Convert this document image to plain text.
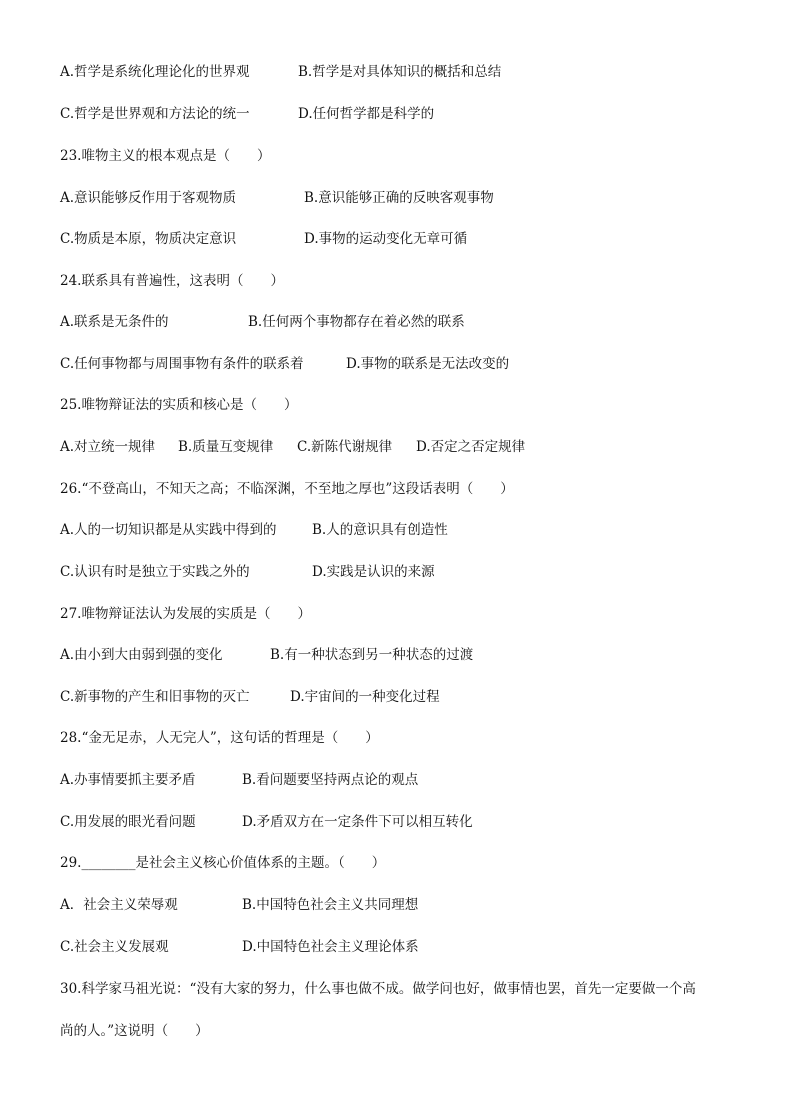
A.哲学是系统化理论化的世界观	B.哲学是对具体知识的概括和总结
C.哲学是世界观和方法论的统一	D.任何哲学都是科学的
23.唯物主义的根本观点是（　　）
A.意识能够反作用于客观物质	B.意识能够正确的反映客观事物
C.物质是本原，物质决定意识	D.事物的运动变化无章可循
24.联系具有普遍性，这表明（　　）
A.联系是无条件的	B.任何两个事物都存在着必然的联系
C.任何事物都与周围事物有条件的联系着	D.事物的联系是无法改变的
25.唯物辩证法的实质和核心是（　　）
A.对立统一规律 B.质量互变规律 C.新陈代谢规律 D.否定之否定规律
26.“不登高山，不知天之高；不临深渊，不至地之厚也”这段话表明（　　）
A.人的一切知识都是从实践中得到的	B.人的意识具有创造性
C.认识有时是独立于实践之外的	D.实践是认识的来源
27.唯物辩证法认为发展的实质是（　　）
A.由小到大由弱到强的变化	B.有一种状态到另一种状态的过渡
C.新事物的产生和旧事物的灭亡	D.宇宙间的一种变化过程
28.“金无足赤，人无完人”，这句话的哲理是（　　）
A.办事情要抓主要矛盾	B.看问题要坚持两点论的观点
C.用发展的眼光看问题	D.矛盾双方在一定条件下可以相互转化
29.________是社会主义核心价值体系的主题。（　　）
A．社会主义荣辱观	B.中国特色社会主义共同理想
C.社会主义发展观	D.中国特色社会主义理论体系
30.科学家马祖光说：“没有大家的努力，什么事也做不成。做学问也好，做事情也罢，首先一定要做一个高
尚的人。”这说明（　　）
